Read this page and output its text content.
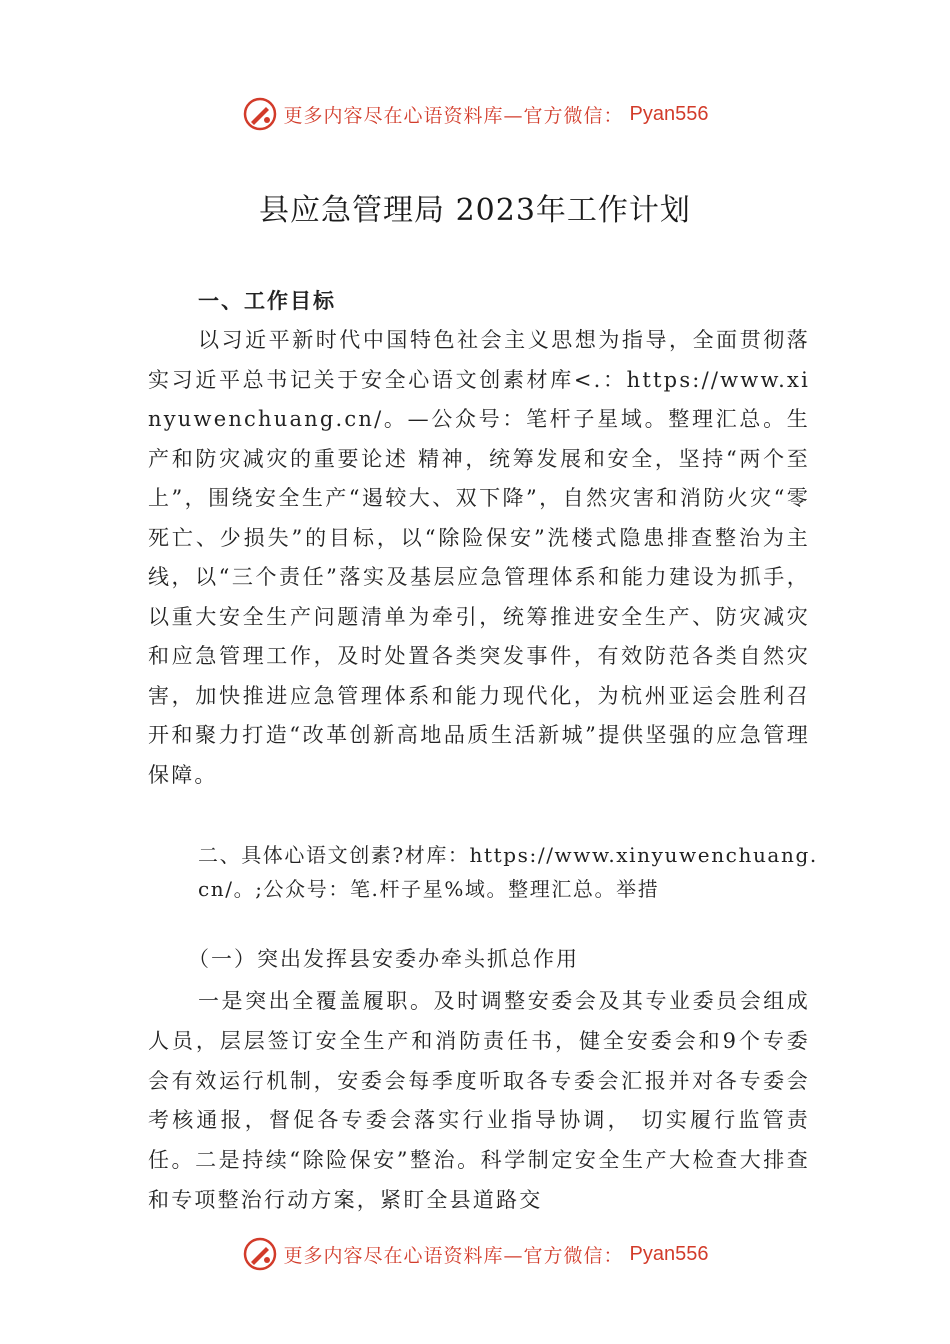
更多内容尽在心语资料库—官方微信： Pyan556
县应急管理局 2023年工作计划
一、工作目标
以习近平新时代中国特色社会主义思想为指导，全面贯彻落实习近平总书记关于安全心语文创素材库<.：https://www.xinyuwenchuang.cn/。—公众号：笔杆子星域。整理汇总。生产和防灾减灾的重要论述 精神，统筹发展和安全，坚持“两个至上”，围绕安全生产“遏较大、双下降”，自然灾害和消防火灾“零死亡、少损失”的目标，以“除险保安”洗楼式隐患排查整治为主线，以“三个责任”落实及基层应急管理体系和能力建设为抓手，以重大安全生产问题清单为牵引，统筹推进安全生产、防灾减灾和应急管理工作，及时处置各类突发事件，有效防范各类自然灾害，加快推进应急管理体系和能力现代化，为杭州亚运会胜利召开和聚力打造“改革创新高地品质生活新城”提供坚强的应急管理保障。
二、具体心语文创素?材库：https://www.xinyuwenchuang.cn/。;公众号：笔.杆子星%域。整理汇总。举措
（一）突出发挥县安委办牵头抓总作用
一是突出全覆盖履职。及时调整安委会及其专业委员会组成人员，层层签订安全生产和消防责任书，健全安委会和9个专委会有效运行机制，安委会每季度听取各专委会汇报并对各专委会考核通报，督促各专委会落实行业指导协调， 切实履行监管责任。二是持续“除险保安”整治。科学制定安全生产大检查大排查和专项整治行动方案，紧盯全县道路交
更多内容尽在心语资料库—官方微信： Pyan556
